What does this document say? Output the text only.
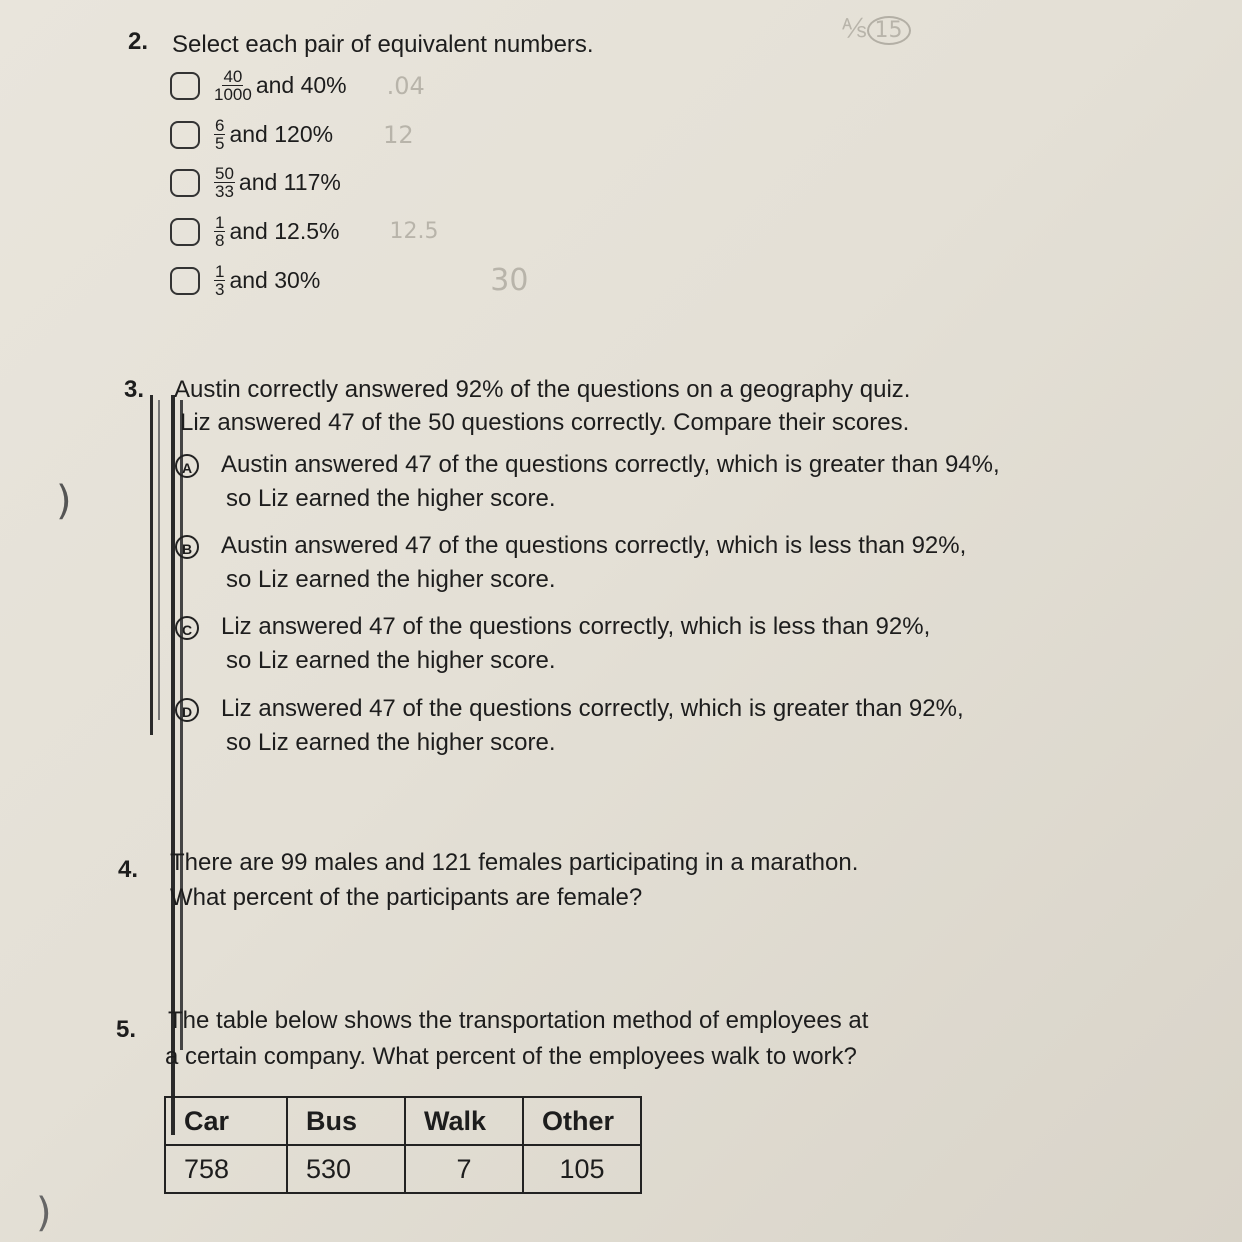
⅍ 15
2. Select each pair of equivalent numbers.
$\frac{40}{1000}$ and 40% .04
$\frac{6}{5}$ and 120% 12
$\frac{50}{33}$ and 117%
$\frac{1}{8}$ and 12.5% 12.5
$\frac{1}{3}$ and 30%	30
)
3. Austin correctly answered 92% of the questions on a geography quiz.
Liz answered 47 of the 50 questions correctly. Compare their scores.
A Austin answered 47 of the questions correctly, which is greater than 94%,
so Liz earned the higher score.
B Austin answered 47 of the questions correctly, which is less than 92%,
so Liz earned the higher score.
C Liz answered 47 of the questions correctly, which is less than 92%,
so Liz earned the higher score.
D Liz answered 47 of the questions correctly, which is greater than 92%,
so Liz earned the higher score.
4. There are 99 males and 121 females participating in a marathon.
What percent of the participants are female?
5. The table below shows the transportation method of employees at
a certain company. What percent of the employees walk to work?
Car	Bus	Walk	Other
758	530	7	105
)
